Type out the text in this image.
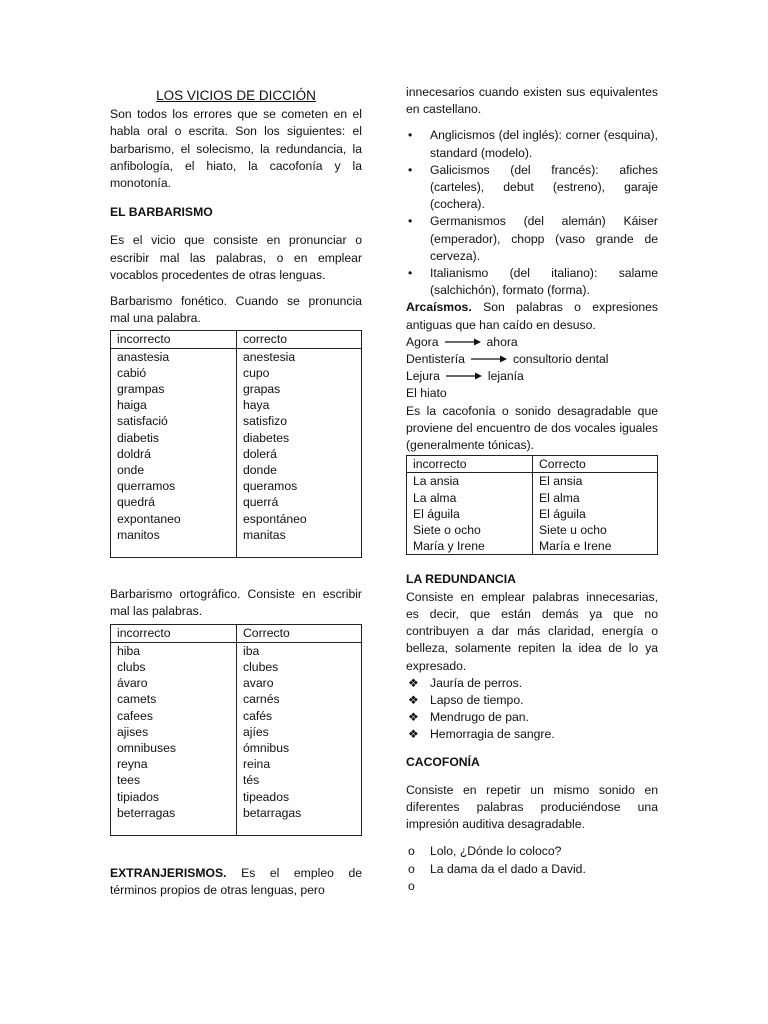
LOS VICIOS DE DICCIÓN

Son todos los errores que se cometen en el habla oral o escrita. Son los siguientes: el barbarismo, el solecismo, la redundancia, la anfibología, el hiato, la cacofonía y la monotonía.

EL BARBARISMO

Es el vicio que consiste en pronunciar o escribir mal las palabras, o en emplear vocablos procedentes de otras lenguas.

Barbarismo fonético. Cuando se pronuncia mal una palabra.

incorrecto	correcto
anastesia	anestesia
cabió	cupo
grampas	grapas
haiga	haya
satisfació	satisfizo
diabetis	diabetes
doldrá	dolerá
onde	donde
querramos	queramos
quedrá	querrá
expontaneo	espontáneo
manitos	manitas

Barbarismo ortográfico. Consiste en escribir mal las palabras.

incorrecto	Correcto
hiba	iba
clubs	clubes
ávaro	avaro
camets	carnés
cafees	cafés
ajises	ajíes
omnibuses	ómnibus
reyna	reina
tees	tés
tipiados	tipeados
beterragas	betarragas

EXTRANJERISMOS. Es el empleo de términos propios de otras lenguas, pero

innecesarios cuando existen sus equivalentes en castellano.

• Anglicismos (del inglés): corner (esquina), standard (modelo).
• Galicismos (del francés): afiches (carteles), debut (estreno), garaje (cochera).
• Germanismos (del alemán) Káiser (emperador), chopp (vaso grande de cerveza).
• Italianismo (del italiano): salame (salchichón), formato (forma).

Arcaísmos. Son palabras o expresiones antiguas que han caído en desuso.

Agora	ahora
Dentistería	consultorio dental
Lejura	lejanía

El hiato

Es la cacofonía o sonido desagradable que proviene del encuentro de dos vocales iguales (generalmente tónicas).

incorrecto	Correcto
La ansia	El ansia
La alma	El alma
El águila	El águila
Siete o ocho	Siete u ocho
María y Irene	María e Irene

LA REDUNDANCIA

Consiste en emplear palabras innecesarias, es decir, que están demás ya que no contribuyen a dar más claridad, energía o belleza, solamente repiten la idea de lo ya expresado.

❖ Jauría de perros.
❖ Lapso de tiempo.
❖ Mendrugo de pan.
❖ Hemorragia de sangre.

CACOFONÍA

Consiste en repetir un mismo sonido en diferentes palabras produciéndose una impresión auditiva desagradable.

o Lolo, ¿Dónde lo coloco?
o La dama da el dado a David.
o
